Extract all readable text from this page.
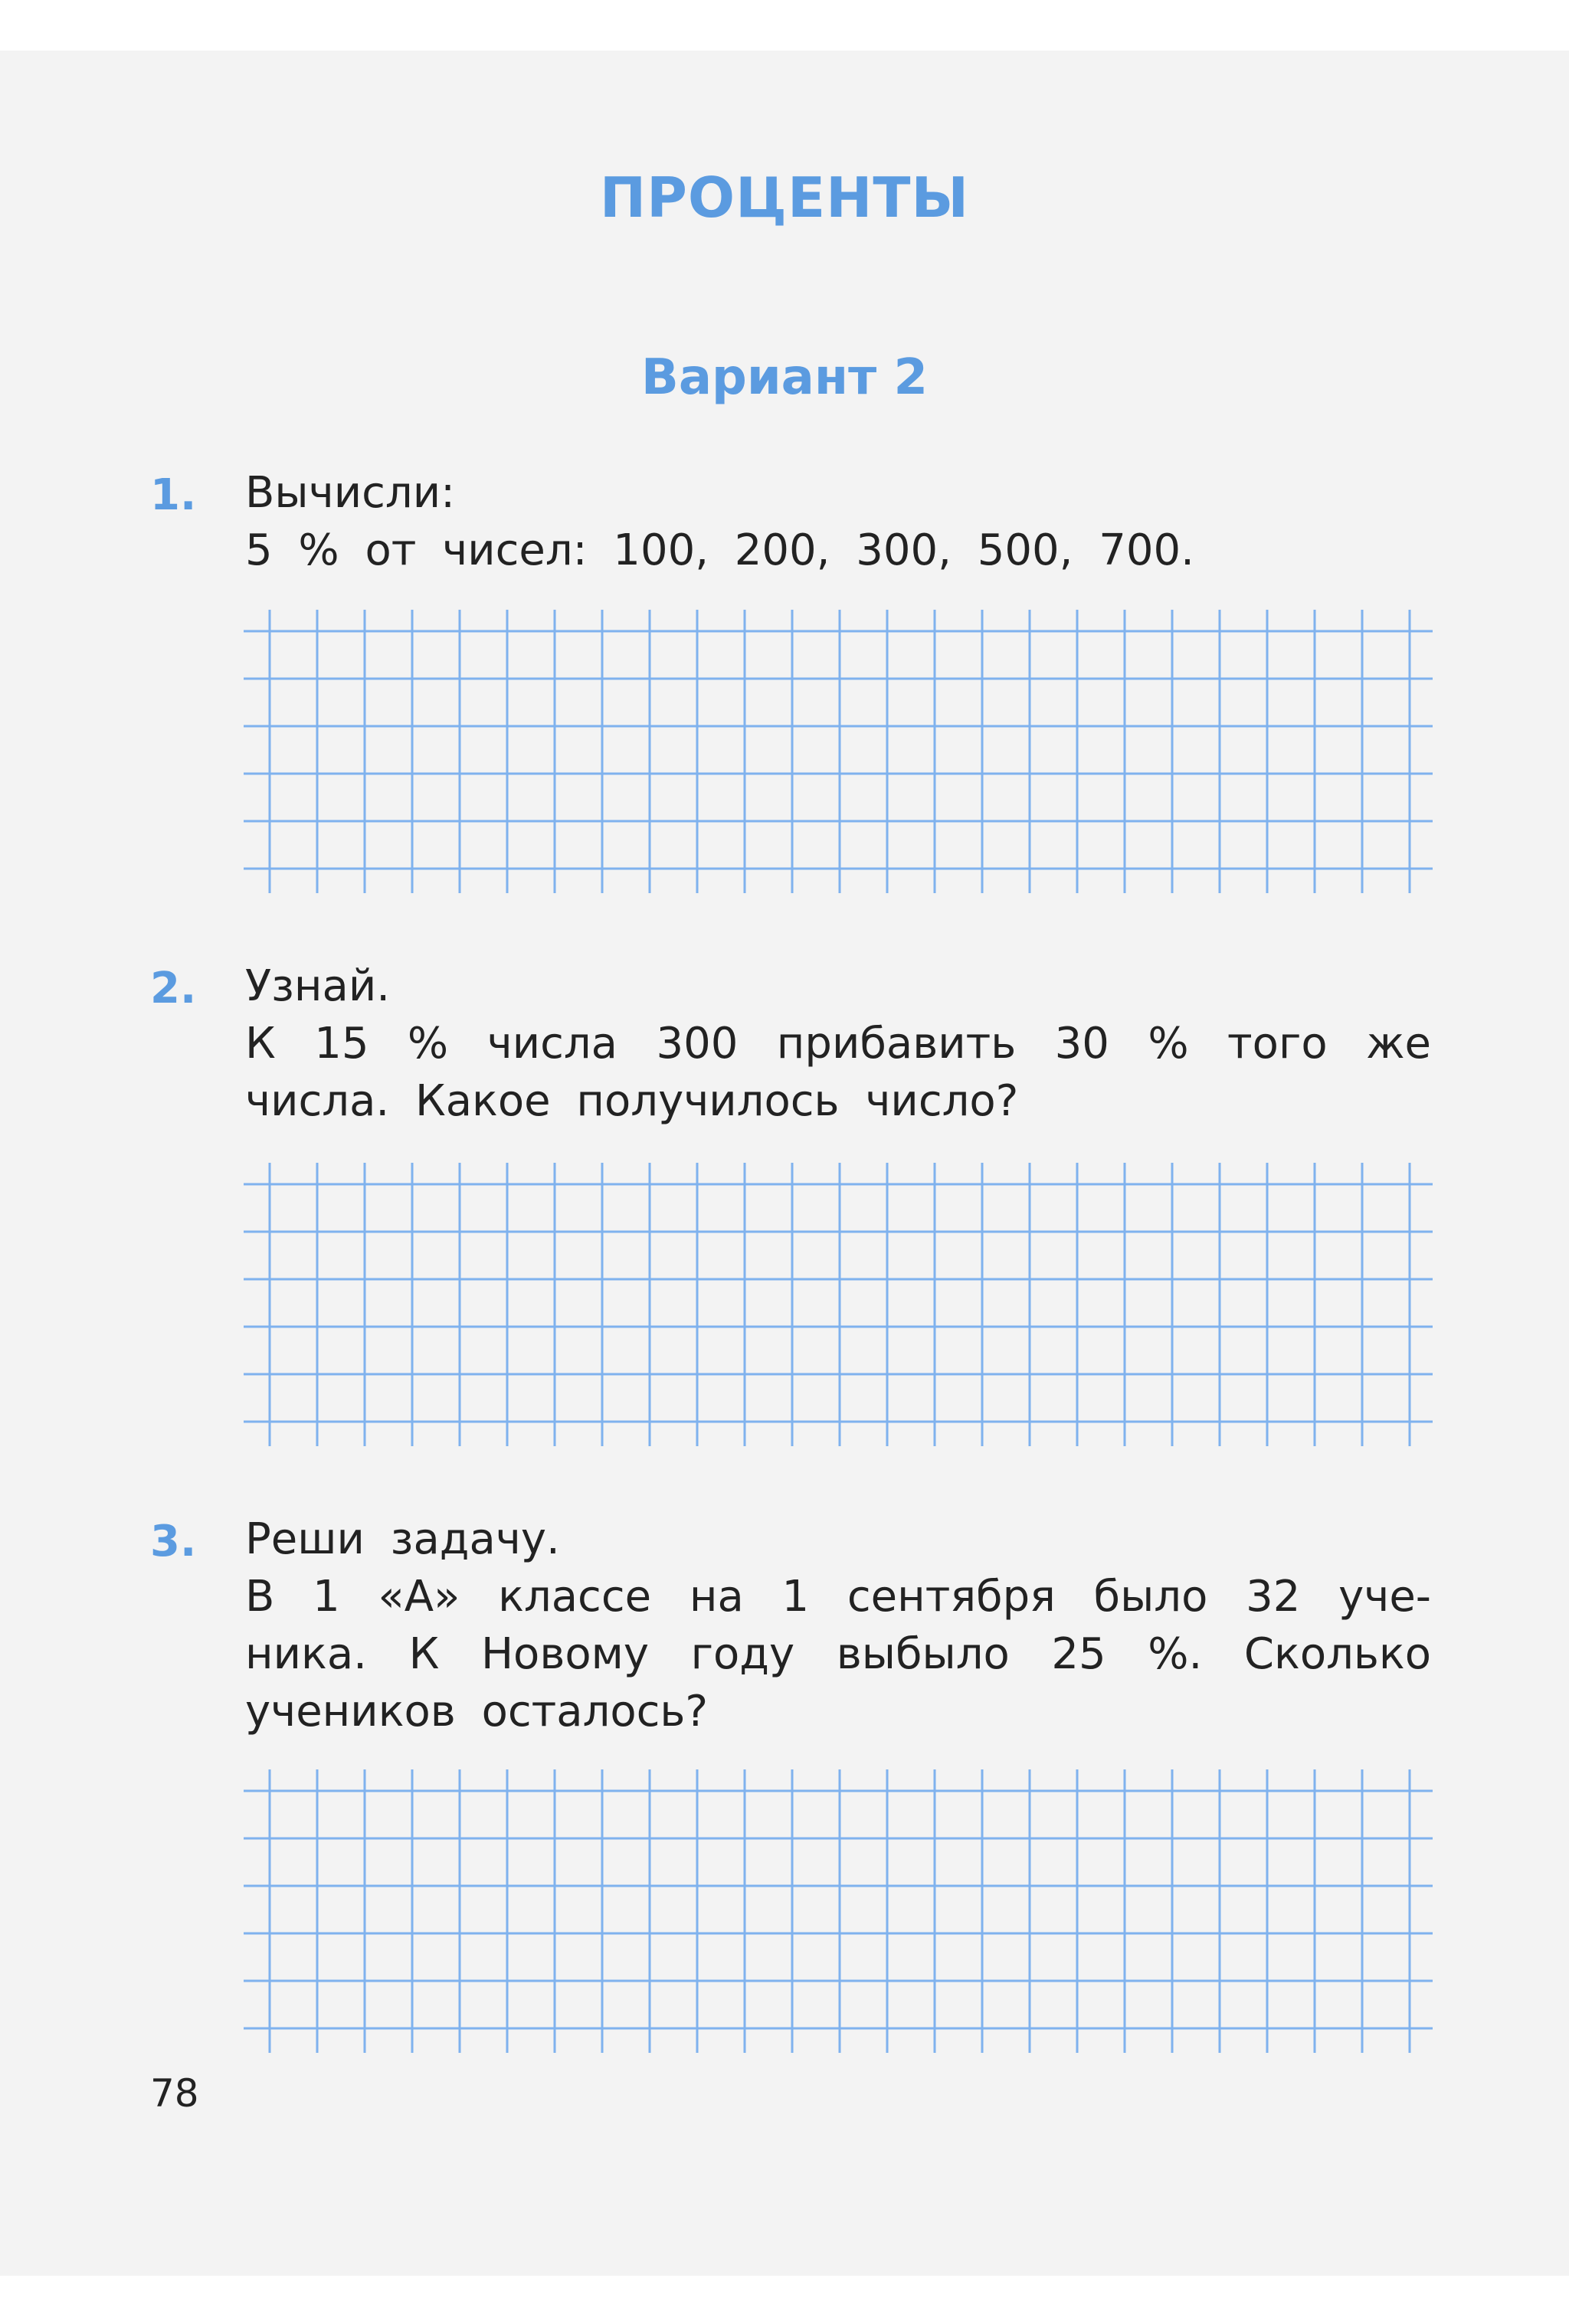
ПРОЦЕНТЫ
Вариант 2
1. Вычисли:
5 % от чисел: 100, 200, 300, 500, 700.
2. Узнай.
К 15 % числа 300 прибавить 30 % того же
числа. Какое получилось число?
3. Реши задачу.
В 1 «А» классе на 1 сентября было 32 уче-
ника. К Новому году выбыло 25 %. Сколько
учеников осталось?
78
